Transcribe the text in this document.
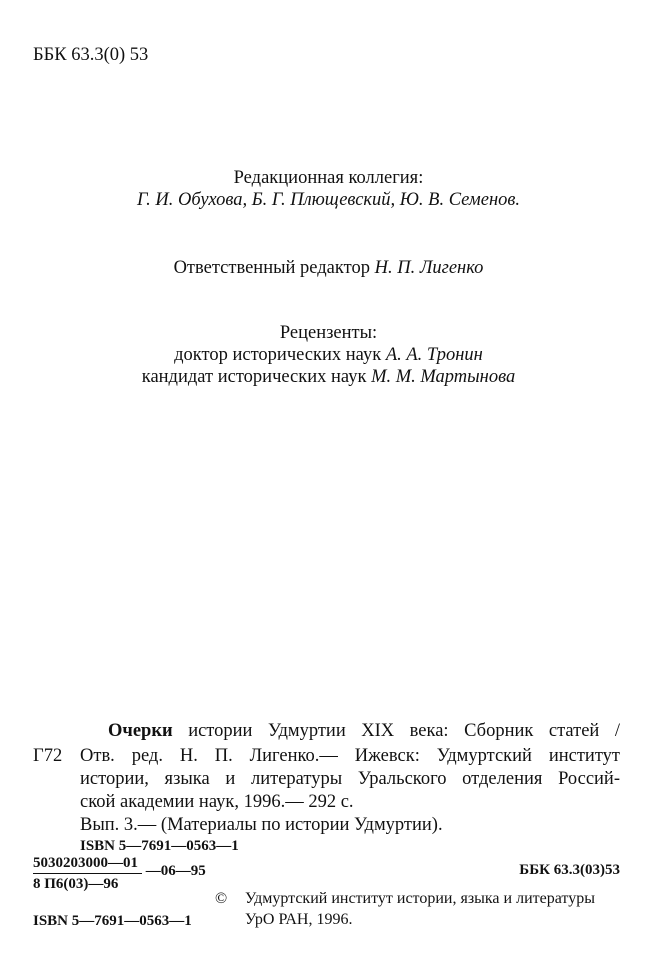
ББК 63.3(0) 53
Редакционная коллегия:
Г. И. Обухова, Б. Г. Плющевский, Ю. В. Семенов.
Ответственный редактор Н. П. Лигенко
Рецензенты:
доктор исторических наук А. А. Тронин
кандидат исторических наук М. М. Мартынова
Очерки истории Удмуртии XIX века: Сборник статей /
Г72 Отв. ред. Н. П. Лигенко.— Ижевск: Удмуртский институт
истории, языка и литературы Уральского отделения Россий-
ской академии наук, 1996.— 292 с.
Вып. 3.— (Материалы по истории Удмуртии).
ISBN 5—7691—0563—1
5030203000—01 —06—95
8 П6(03)—96
ББК 63.3(03)53
© Удмуртский институт истории, языка и литературы
УрО РАН, 1996.
ISBN 5—7691—0563—1
